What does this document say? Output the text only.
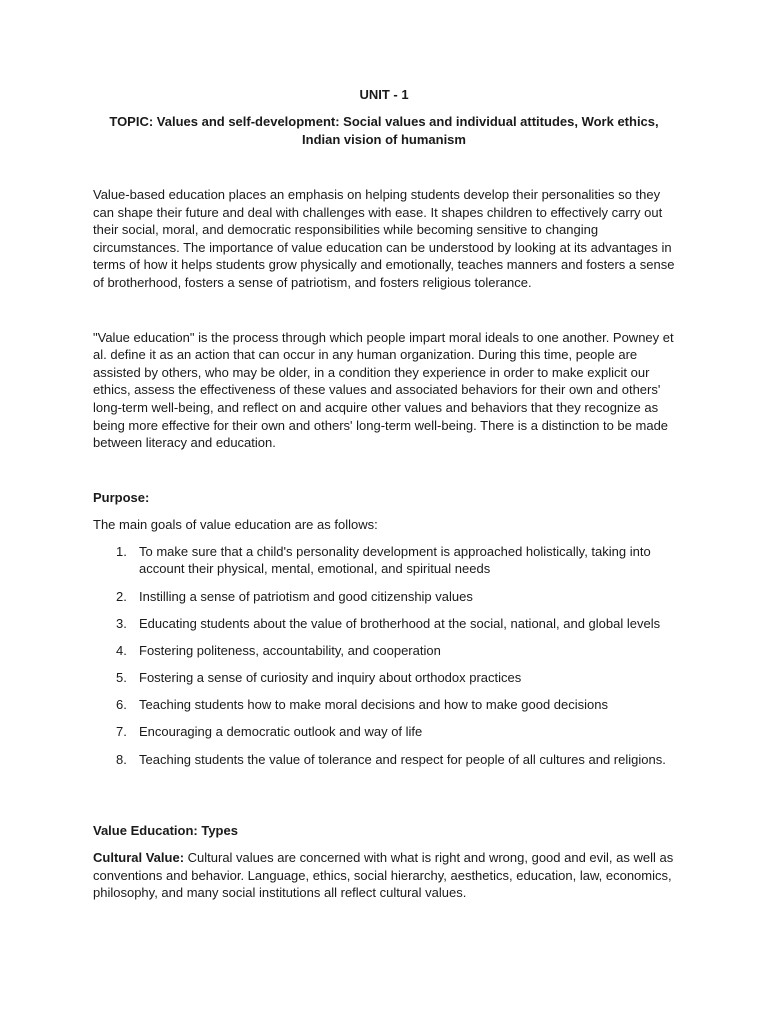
UNIT - 1

TOPIC: Values and self-development: Social values and individual attitudes, Work ethics, Indian vision of humanism

Value-based education places an emphasis on helping students develop their personalities so they can shape their future and deal with challenges with ease. It shapes children to effectively carry out their social, moral, and democratic responsibilities while becoming sensitive to changing circumstances. The importance of value education can be understood by looking at its advantages in terms of how it helps students grow physically and emotionally, teaches manners and fosters a sense of brotherhood, fosters a sense of patriotism, and fosters religious tolerance.

"Value education" is the process through which people impart moral ideals to one another. Powney et al. define it as an action that can occur in any human organization. During this time, people are assisted by others, who may be older, in a condition they experience in order to make explicit our ethics, assess the effectiveness of these values and associated behaviors for their own and others' long-term well-being, and reflect on and acquire other values and behaviors that they recognize as being more effective for their own and others' long-term well-being. There is a distinction to be made between literacy and education.

Purpose:

The main goals of value education are as follows:

1. To make sure that a child's personality development is approached holistically, taking into account their physical, mental, emotional, and spiritual needs
2. Instilling a sense of patriotism and good citizenship values
3. Educating students about the value of brotherhood at the social, national, and global levels
4. Fostering politeness, accountability, and cooperation
5. Fostering a sense of curiosity and inquiry about orthodox practices
6. Teaching students how to make moral decisions and how to make good decisions
7. Encouraging a democratic outlook and way of life
8. Teaching students the value of tolerance and respect for people of all cultures and religions.

Value Education: Types

Cultural Value: Cultural values are concerned with what is right and wrong, good and evil, as well as conventions and behavior. Language, ethics, social hierarchy, aesthetics, education, law, economics, philosophy, and many social institutions all reflect cultural values.
